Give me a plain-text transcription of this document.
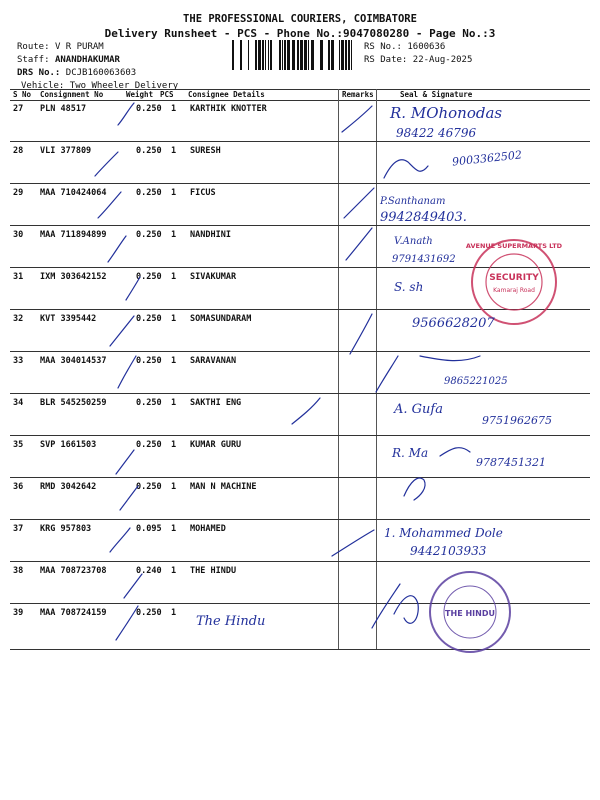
THE PROFESSIONAL COURIERS, COIMBATORE
Delivery Runsheet - PCS - Phone No.:9047080280 - Page No.:3
Route: V R PURAM
Staff: ANANDHAKUMAR
DRS No.: DCJB160063603
Vehicle: Two Wheeler Delivery
RS No.: 1600636
RS Date: 22-Aug-2025
S No Consignment No	Weight PCS Consignee Details	Remarks	Seal & Signature
27 PLN 48517	0.250 1 KARTHIK KNOTTER
28 VLI 377809	0.250 1 SURESH
29 MAA 710424064	0.250 1 FICUS
30 MAA 711894899	0.250 1 NANDHINI
31 IXM 303642152	0.250 1 SIVAKUMAR
32 KVT 3395442	0.250 1 SOMASUNDARAM
33 MAA 304014537	0.250 1 SARAVANAN
34 BLR 545250259	0.250 1 SAKTHI ENG
35 SVP 1661503	0.250 1 KUMAR GURU
36 RMD 3042642	0.250 1 MAN N MACHINE
37 KRG 957803	0.095 1 MOHAMED
38 MAA 708723708	0.240 1 THE HINDU
39 MAA 708724159	0.250 1
SECURITY
Kamaraj Road
AVENUE SUPERMARTS LTD
THE HINDU
R. MOhonodas
98422 46796
9003362502
P.Santhanam
9942849403.
V.Anath
9791431692
S. sh
9566628207
9865221025
A. Gufa
9751962675
R. Ma
9787451321
1. Mohammed Dole
9442103933
The Hindu
